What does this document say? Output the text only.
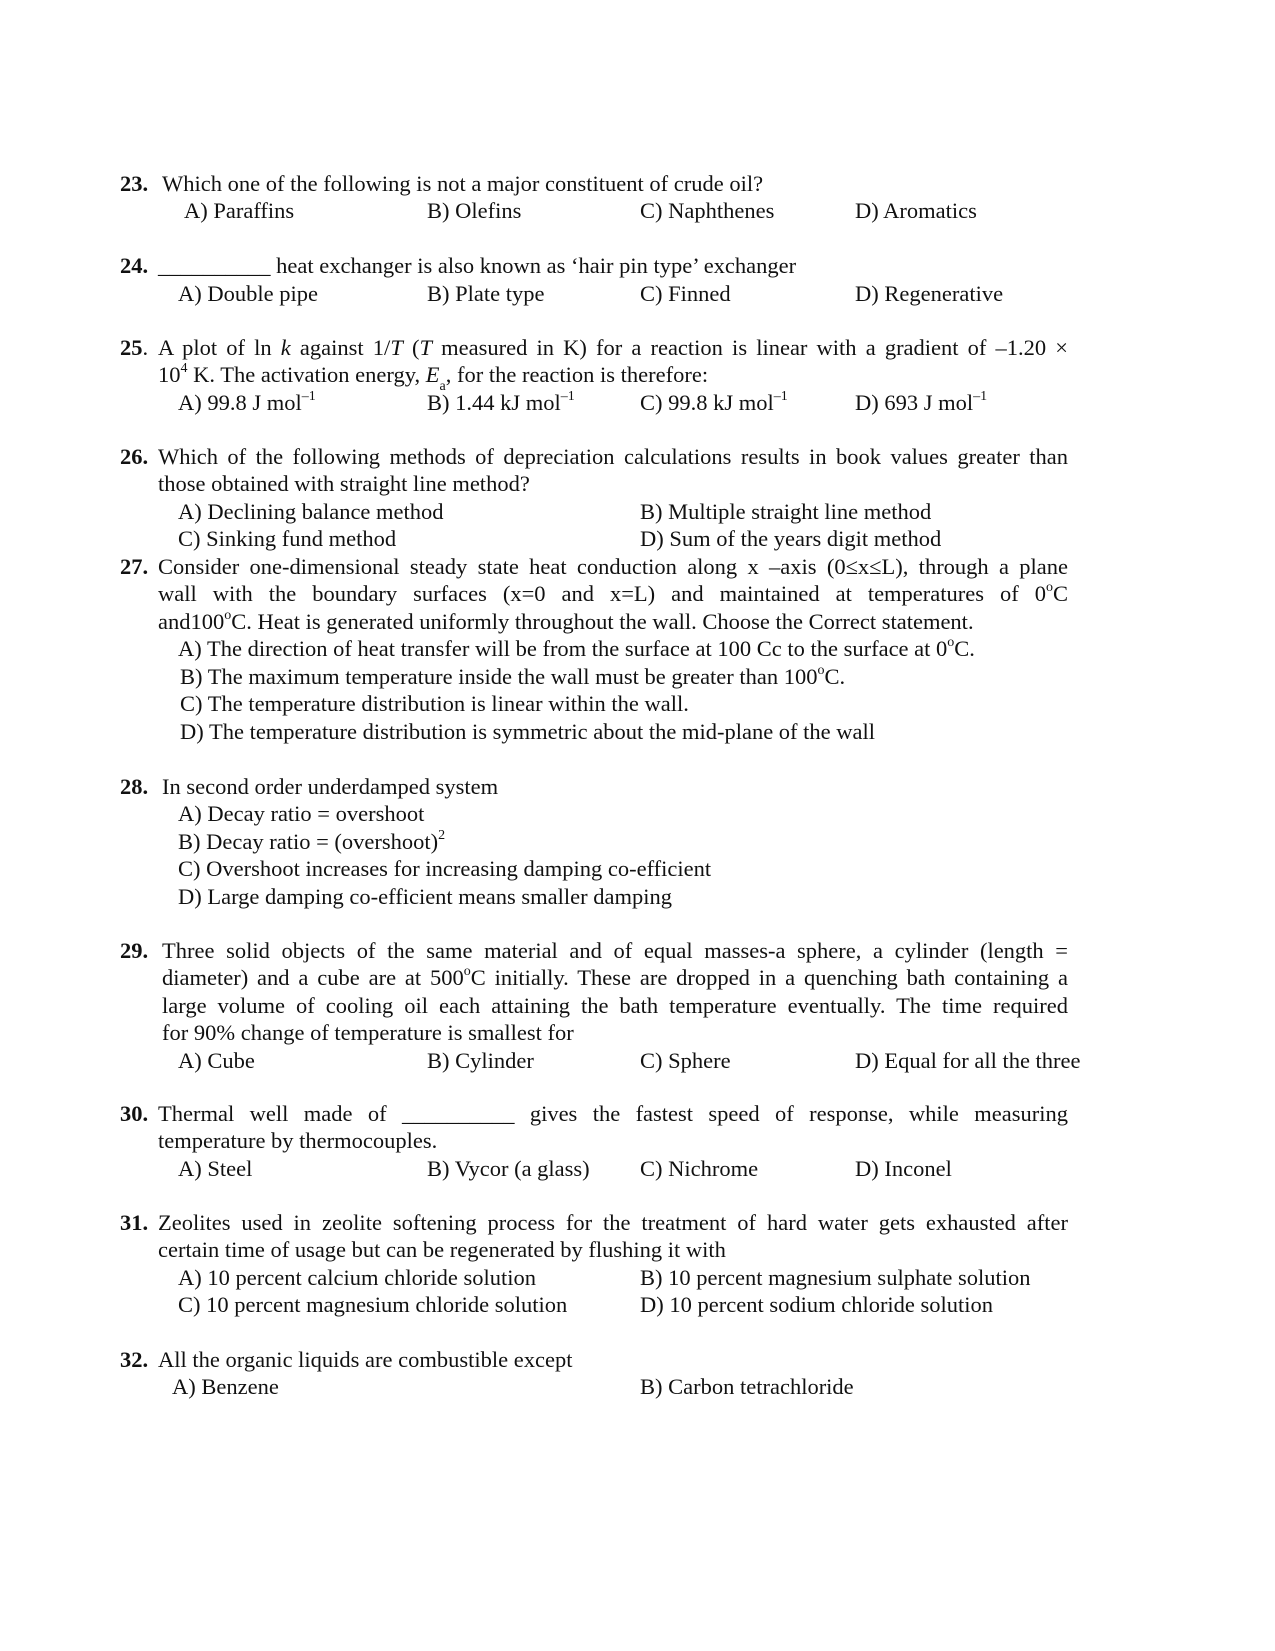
23. Which one of the following is not a major constituent of crude oil?
A) Paraffins	B) Olefins	C) Naphthenes	D) Aromatics
24. __________ heat exchanger is also known as ‘hair pin type’ exchanger
A) Double pipe	B) Plate type	C) Finned	D) Regenerative
25. A plot of ln k against 1/T (T measured in K) for a reaction is linear with a gradient of –1.20 ×
$10^4$ K. The activation energy, $E_a$, for the reaction is therefore:
A) 99.8 J mol$^{-1}$	B) 1.44 kJ mol$^{-1}$	C) 99.8 kJ mol$^{-1}$	D) 693 J mol$^{-1}$
26. Which of the following methods of depreciation calculations results in book values greater than
those obtained with straight line method?
A) Declining balance method	B) Multiple straight line method
C) Sinking fund method	D) Sum of the years digit method
27. Consider one-dimensional steady state heat conduction along x –axis (0≤x≤L), through a plane
wall with the boundary surfaces (x=0 and x=L) and maintained at temperatures of 0$^o$C
and100$^o$C. Heat is generated uniformly throughout the wall. Choose the Correct statement.
A) The direction of heat transfer will be from the surface at 100 Cc to the surface at 0$^o$C.
B) The maximum temperature inside the wall must be greater than 100$^o$C.
C) The temperature distribution is linear within the wall.
D) The temperature distribution is symmetric about the mid-plane of the wall
28. In second order underdamped system
A) Decay ratio = overshoot
B) Decay ratio = (overshoot)$^2$
C) Overshoot increases for increasing damping co-efficient
D) Large damping co-efficient means smaller damping
29. Three solid objects of the same material and of equal masses-a sphere, a cylinder (length =
diameter) and a cube are at 500$^o$C initially. These are dropped in a quenching bath containing a
large volume of cooling oil each attaining the bath temperature eventually. The time required
for 90% change of temperature is smallest for
A) Cube	B) Cylinder	C) Sphere	D) Equal for all the three
30. Thermal well made of __________ gives the fastest speed of response, while measuring
temperature by thermocouples.
A) Steel	B) Vycor (a glass) C) Nichrome	D) Inconel
31. Zeolites used in zeolite softening process for the treatment of hard water gets exhausted after
certain time of usage but can be regenerated by flushing it with
A) 10 percent calcium chloride solution	B) 10 percent magnesium sulphate solution
C) 10 percent magnesium chloride solution	D) 10 percent sodium chloride solution
32. All the organic liquids are combustible except
A) Benzene	B) Carbon tetrachloride
